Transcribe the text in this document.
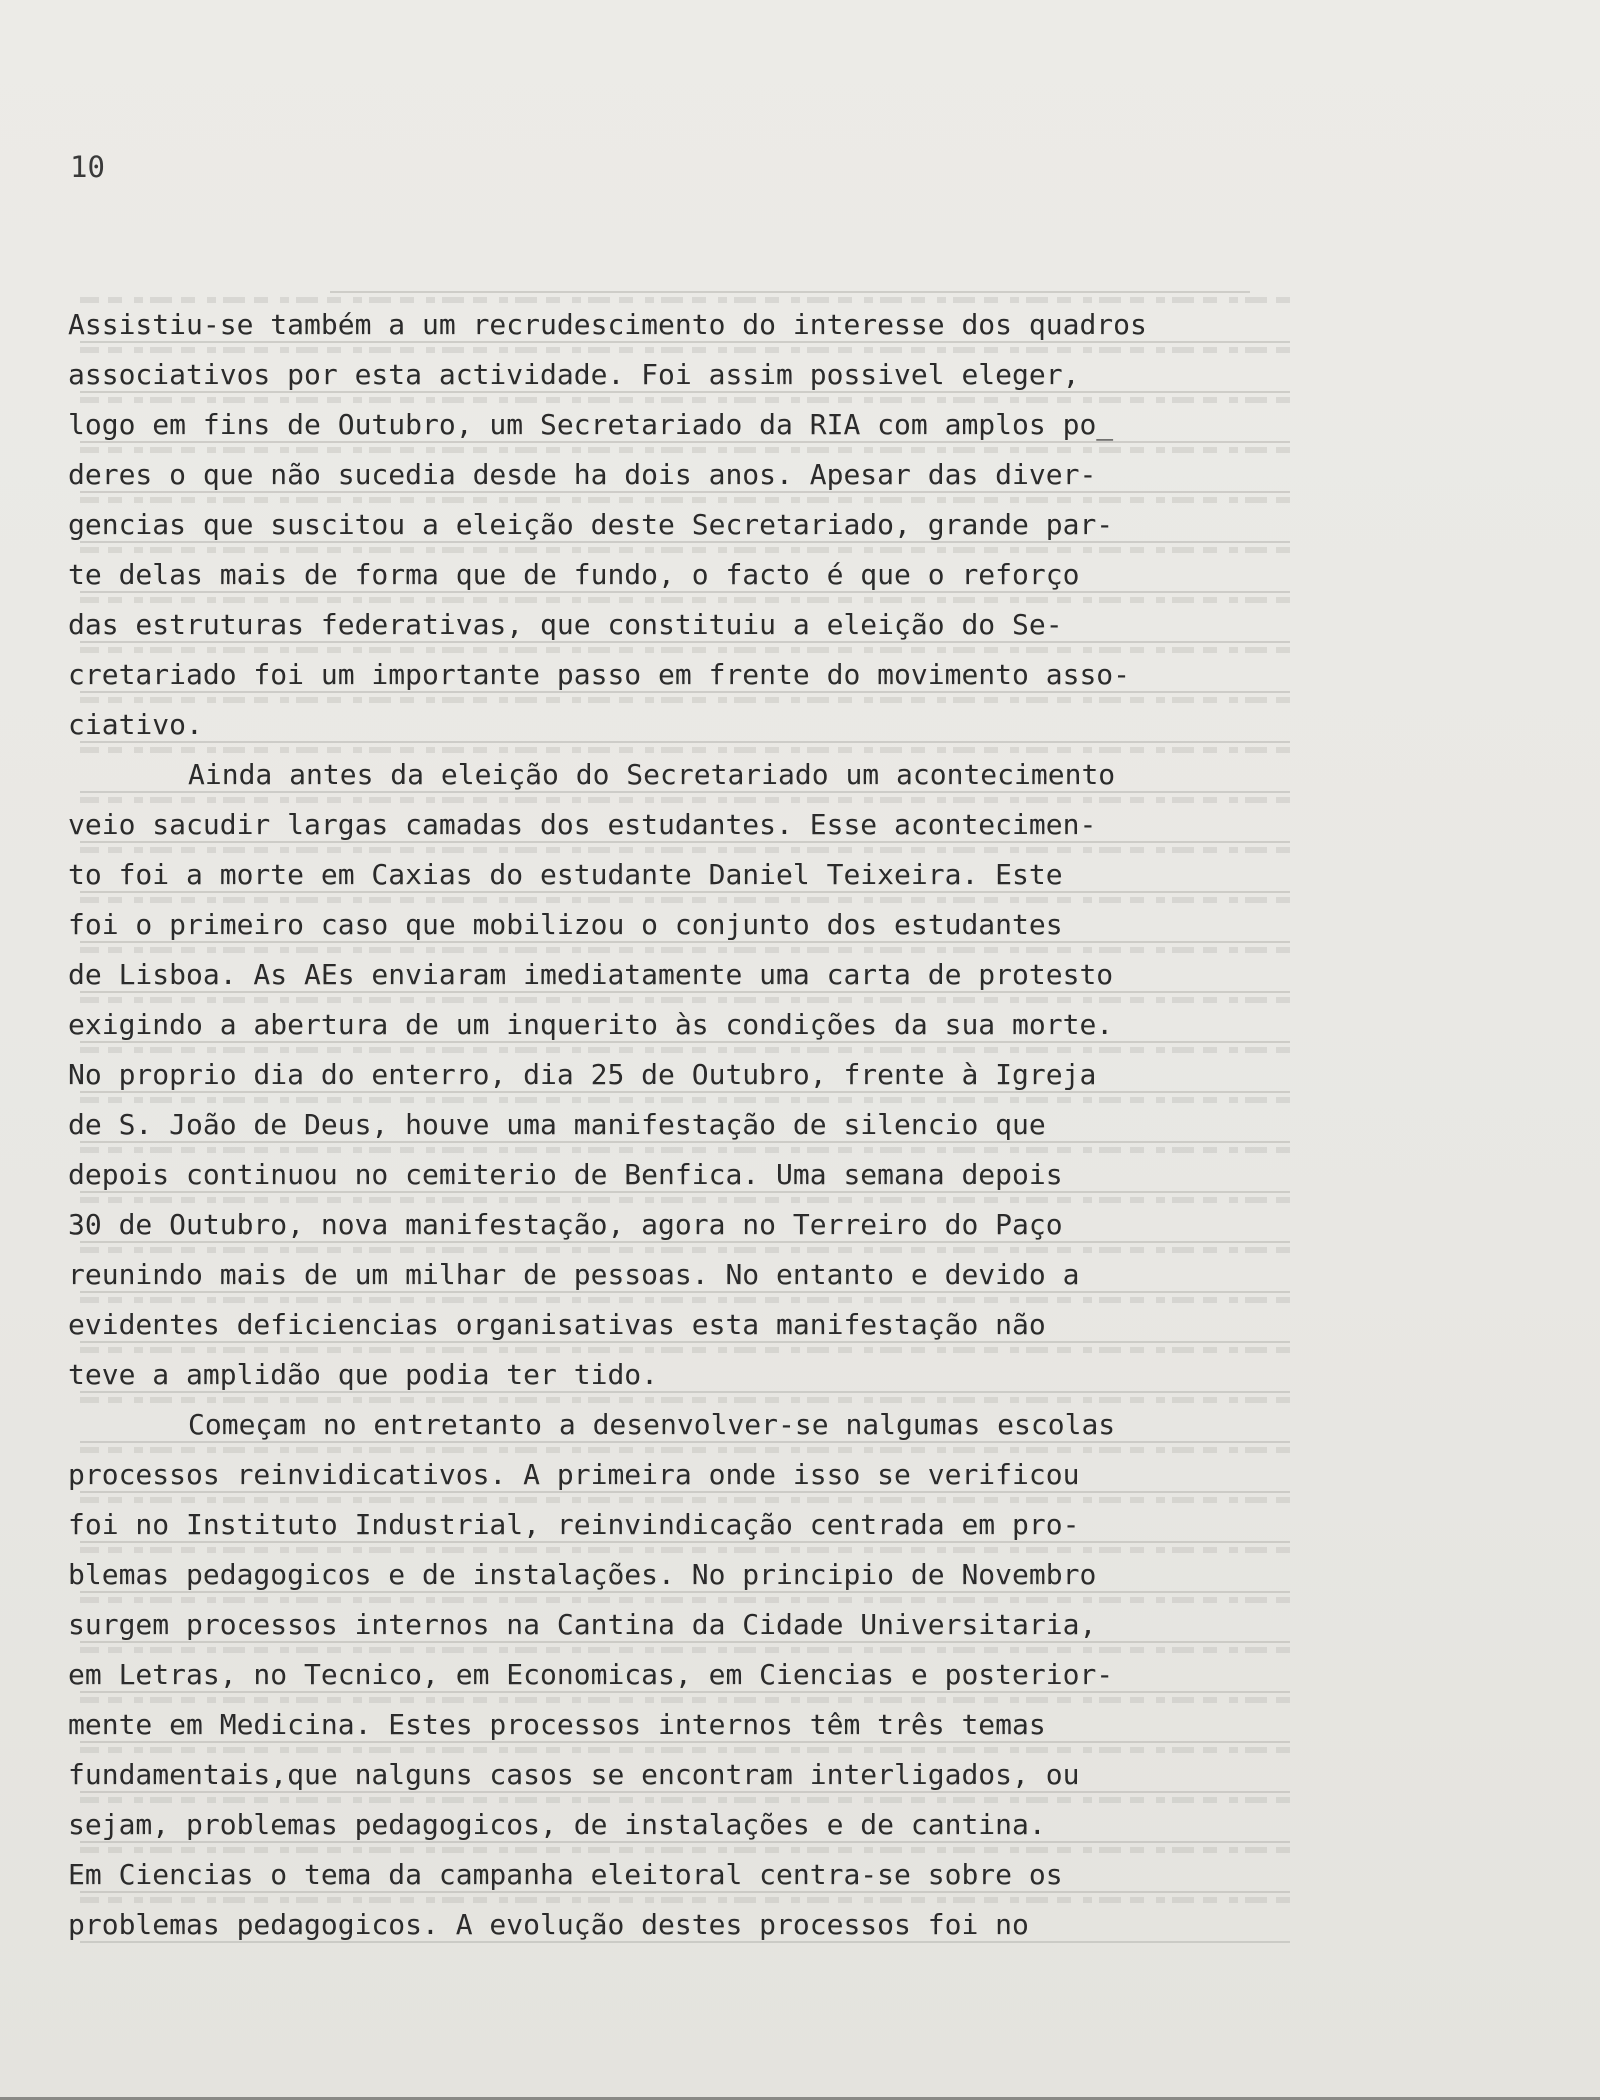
10
Assistiu-se também a um recrudescimento do interesse dos quadros
associativos por esta actividade. Foi assim possivel eleger,
logo em fins de Outubro, um Secretariado da RIA com amplos po_
deres o que não sucedia desde ha dois anos. Apesar das diver-
gencias que suscitou a eleição deste Secretariado, grande par-
te delas mais de forma que de fundo, o facto é que o reforço
das estruturas federativas, que constituiu a eleição do Se-
cretariado foi um importante passo em frente do movimento asso-
ciativo.
Ainda antes da eleição do Secretariado um acontecimento
veio sacudir largas camadas dos estudantes. Esse acontecimen-
to foi a morte em Caxias do estudante Daniel Teixeira. Este
foi o primeiro caso que mobilizou o conjunto dos estudantes
de Lisboa. As AEs enviaram imediatamente uma carta de protesto
exigindo a abertura de um inquerito às condições da sua morte.
No proprio dia do enterro, dia 25 de Outubro, frente à Igreja
de S. João de Deus, houve uma manifestação de silencio que
depois continuou no cemiterio de Benfica. Uma semana depois
30 de Outubro, nova manifestação, agora no Terreiro do Paço
reunindo mais de um milhar de pessoas. No entanto e devido a
evidentes deficiencias organisativas esta manifestação não
teve a amplidão que podia ter tido.
Começam no entretanto a desenvolver-se nalgumas escolas
processos reinvidicativos. A primeira onde isso se verificou
foi no Instituto Industrial, reinvindicação centrada em pro-
blemas pedagogicos e de instalações. No principio de Novembro
surgem processos internos na Cantina da Cidade Universitaria,
em Letras, no Tecnico, em Economicas, em Ciencias e posterior-
mente em Medicina. Estes processos internos têm três temas
fundamentais,que nalguns casos se encontram interligados, ou
sejam, problemas pedagogicos, de instalações e de cantina.
Em Ciencias o tema da campanha eleitoral centra-se sobre os
problemas pedagogicos. A evolução destes processos foi no
